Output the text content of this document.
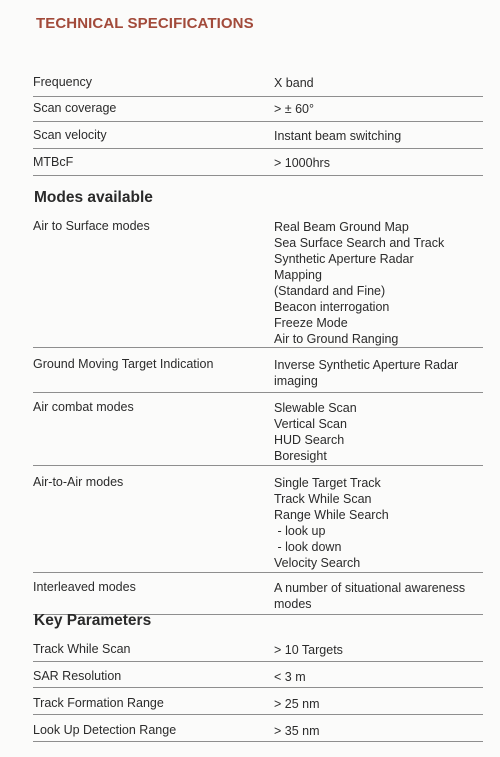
TECHNICAL SPECIFICATIONS
Frequency	X band
Scan coverage	> ± 60°
Scan velocity	Instant beam switching
MTBcF	> 1000hrs
Air to Surface modes	Real Beam Ground Map
Sea Surface Search and Track
Synthetic Aperture Radar
Mapping
(Standard and Fine)
Beacon interrogation
Freeze Mode
Air to Ground Ranging
Ground Moving Target Indication	Inverse Synthetic Aperture Radar
imaging
Air combat modes	Slewable Scan
Vertical Scan
HUD Search
Boresight
Air-to-Air modes	Single Target Track
Track While Scan
Range While Search
- look up
- look down
Velocity Search
Interleaved modes	A number of situational awareness
modes
Track While Scan	> 10 Targets
SAR Resolution	< 3 m
Track Formation Range	> 25 nm
Look Up Detection Range	> 35 nm
Modes available
Key Parameters
